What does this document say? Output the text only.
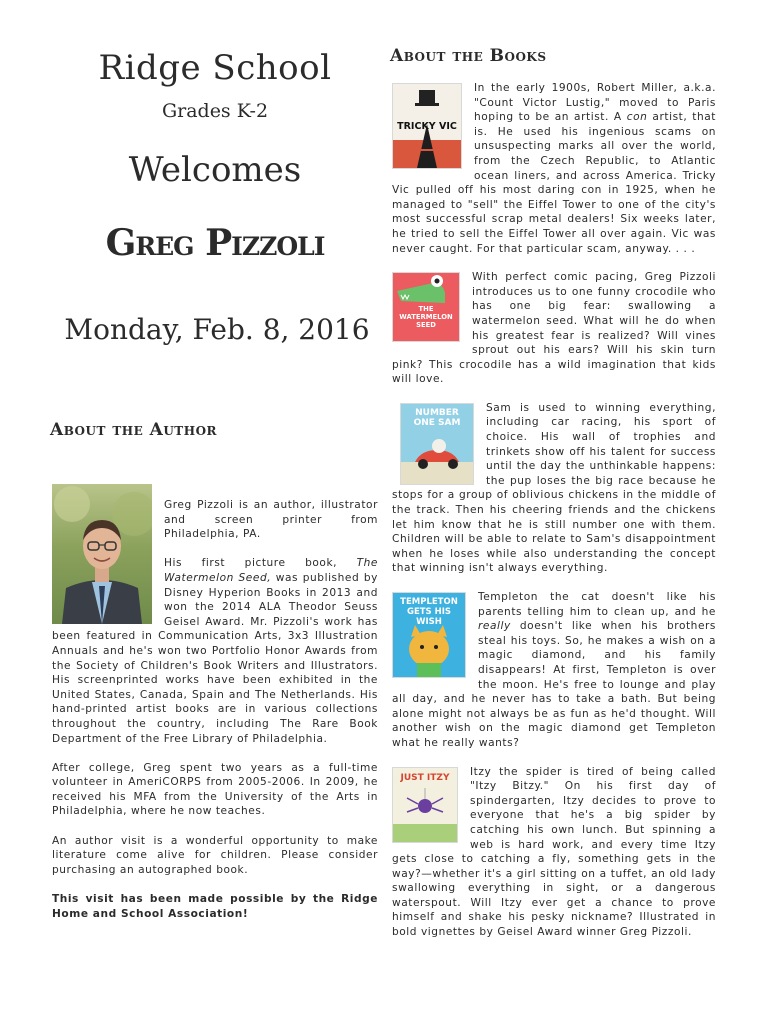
Ridge School
Grades K-2
Welcomes
Greg Pizzoli
Monday, Feb. 8, 2016
About the Author

Greg Pizzoli is an author, illustrator and screen printer from Philadelphia, PA.

His first picture book, The Watermelon Seed, was published by Disney Hyperion Books in 2013 and won the 2014 ALA Theodor Seuss Geisel Award. Mr. Pizzoli's work has been featured in Communication Arts, 3x3 Illustration Annuals and he's won two Portfolio Honor Awards from the Society of Children's Book Writers and Illustrators. His screenprinted works have been exhibited in the United States, Canada, Spain and The Netherlands. His hand-printed artist books are in various collections throughout the country, including The Rare Book Department of the Free Library of Philadelphia.

After college, Greg spent two years as a full-time volunteer in AmeriCORPS from 2005-2006. In 2009, he received his MFA from the University of the Arts in Philadelphia, where he now teaches.

An author visit is a wonderful opportunity to make literature come alive for children. Please consider purchasing an autographed book.

This visit has been made possible by the Ridge Home and School Association!

About the Books
TRICKY VIC
In the early 1900s, Robert Miller, a.k.a. "Count Victor Lustig," moved to Paris hoping to be an artist. A con artist, that is. He used his ingenious scams on unsuspecting marks all over the world, from the Czech Republic, to Atlantic ocean liners, and across America. Tricky Vic pulled off his most daring con in 1925, when he managed to "sell" the Eiffel Tower to one of the city's most successful scrap metal dealers! Six weeks later, he tried to sell the Eiffel Tower all over again. Vic was never caught. For that particular scam, anyway. . . .
THE WATERMELON SEED
With perfect comic pacing, Greg Pizzoli introduces us to one funny crocodile who has one big fear: swallowing a watermelon seed. What will he do when his greatest fear is realized? Will vines sprout out his ears? Will his skin turn pink? This crocodile has a wild imagination that kids will love.
NUMBER ONE SAM
Sam is used to winning everything, including car racing, his sport of choice. His wall of trophies and trinkets show off his talent for success until the day the unthinkable happens: the pup loses the big race because he stops for a group of oblivious chickens in the middle of the track. Then his cheering friends and the chickens let him know that he is still number one with them. Children will be able to relate to Sam's disappointment when he loses while also understanding the concept that winning isn't always everything.
TEMPLETON GETS HIS WISH
Templeton the cat doesn't like his parents telling him to clean up, and he really doesn't like when his brothers steal his toys. So, he makes a wish on a magic diamond, and his family disappears! At first, Templeton is over the moon. He's free to lounge and play all day, and he never has to take a bath. But being alone might not always be as fun as he'd thought. Will another wish on the magic diamond get Templeton what he really wants?
JUST ITZY	Itzy the spider is tired of being called "Itzy Bitzy." On his first day of spindergarten, Itzy decides to prove to everyone that he's a big spider by catching his own lunch. But spinning a web is hard work, and every time Itzy gets close to catching a fly, something gets in the way?—whether it's a girl sitting on a tuffet, an old lady swallowing everything in sight, or a dangerous waterspout. Will Itzy ever get a chance to prove himself and shake his pesky nickname? Illustrated in bold vignettes by Geisel Award winner Greg Pizzoli.
